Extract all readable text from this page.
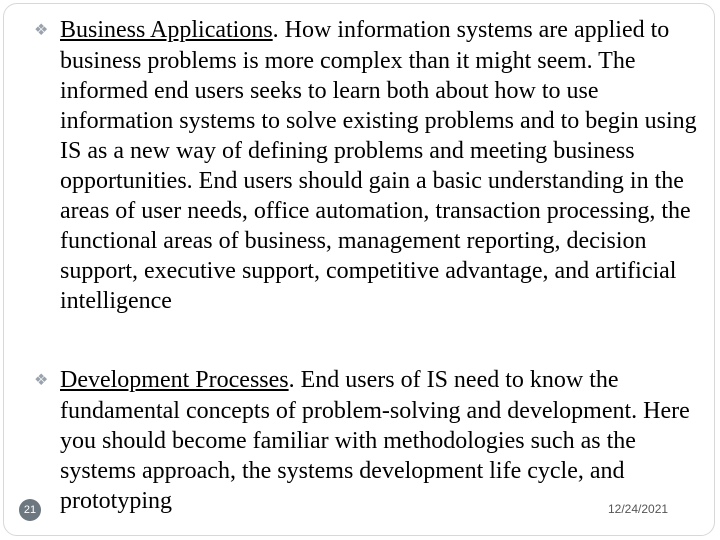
❖ Business Applications. How information systems are applied to business problems is more complex than it might seem. The informed end users seeks to learn both about how to use information systems to solve existing problems and to begin using IS as a new way of defining problems and meeting business opportunities. End users should gain a basic understanding in the areas of user needs, office automation, transaction processing, the functional areas of business, management reporting, decision support, executive support, competitive advantage, and artificial intelligence

❖ Development Processes. End users of IS need to know the fundamental concepts of problem-solving and development. Here you should become familiar with methodologies such as the systems approach, the systems development life cycle, and prototyping

21	12/24/2021
